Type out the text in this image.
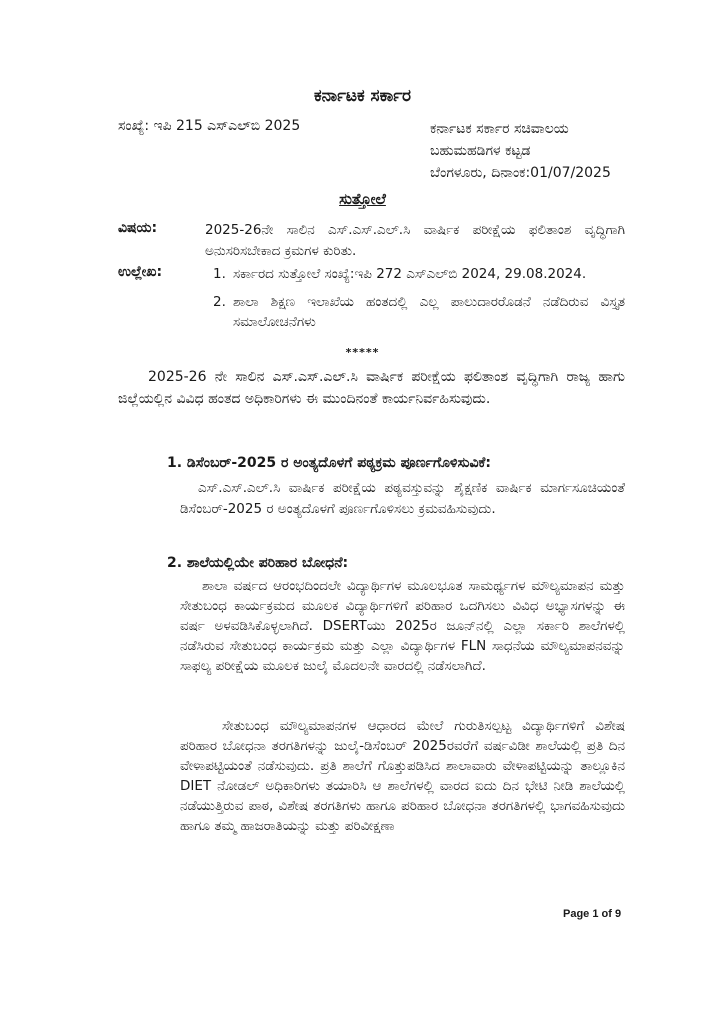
ಕರ್ನಾಟಕ ಸರ್ಕಾರ
ಸಂಖ್ಯೆ: ಇಪಿ 215 ಎಸ್‌ಎಲ್‌ಬಿ 2025	ಕರ್ನಾಟಕ ಸರ್ಕಾರ ಸಚಿವಾಲಯ
ಬಹುಮಹಡಿಗಳ ಕಟ್ಟಡ
ಬೆಂಗಳೂರು, ದಿನಾಂಕ:01/07/2025
ಸುತ್ತೋಲೆ
ವಿಷಯ:	2025-26ನೇ ಸಾಲಿನ ಎಸ್.ಎಸ್.ಎಲ್.ಸಿ ವಾರ್ಷಿಕ ಪರೀಕ್ಷೆಯ ಫಲಿತಾಂಶ ವೃದ್ಧಿಗಾಗಿ ಅನುಸರಿಸಬೇಕಾದ ಕ್ರಮಗಳ ಕುರಿತು.
ಉಲ್ಲೇಖ:	1. ಸರ್ಕಾರದ ಸುತ್ತೋಲೆ ಸಂಖ್ಯೆ:ಇಪಿ 272 ಎಸ್‌ಎಲ್‌ಬಿ 2024, 29.08.2024.
2. ಶಾಲಾ ಶಿಕ್ಷಣ ಇಲಾಖೆಯ ಹಂತದಲ್ಲಿ ಎಲ್ಲ ಪಾಲುದಾರರೊಡನೆ ನಡೆದಿರುವ ವಿಸ್ತೃತ ಸಮಾಲೋಚನೆಗಳು
*****
2025-26 ನೇ ಸಾಲಿನ ಎಸ್.ಎಸ್.ಎಲ್.ಸಿ ವಾರ್ಷಿಕ ಪರೀಕ್ಷೆಯ ಫಲಿತಾಂಶ ವೃದ್ಧಿಗಾಗಿ ರಾಜ್ಯ ಹಾಗು ಜಿಲ್ಲೆಯಲ್ಲಿನ ವಿವಿಧ ಹಂತದ ಅಧಿಕಾರಿಗಳು ಈ ಮುಂದಿನಂತೆ ಕಾರ್ಯನಿರ್ವಹಿಸುವುದು.
1. ಡಿಸೆಂಬರ್-2025 ರ ಅಂತ್ಯದೊಳಗೆ ಪಠ್ಯಕ್ರಮ ಪೂರ್ಣಗೊಳಿಸುವಿಕೆ:
ಎಸ್.ಎಸ್.ಎಲ್.ಸಿ ವಾರ್ಷಿಕ ಪರೀಕ್ಷೆಯ ಪಠ್ಯವಸ್ತುವನ್ನು ಶೈಕ್ಷಣಿಕ ವಾರ್ಷಿಕ ಮಾರ್ಗಸೂಚಿಯಂತೆ ಡಿಸೆಂಬರ್-2025 ರ ಅಂತ್ಯದೊಳಗೆ ಪೂರ್ಣಗೊಳಿಸಲು ಕ್ರಮವಹಿಸುವುದು.
2. ಶಾಲೆಯಲ್ಲಿಯೇ ಪರಿಹಾರ ಬೋಧನೆ:
ಶಾಲಾ ವರ್ಷದ ಆರಂಭದಿಂದಲೇ ವಿದ್ಯಾರ್ಥಿಗಳ ಮೂಲಭೂತ ಸಾಮರ್ಥ್ಯಗಳ ಮೌಲ್ಯಮಾಪನ ಮತ್ತು ಸೇತುಬಂಧ ಕಾರ್ಯಕ್ರಮದ ಮೂಲಕ ವಿದ್ಯಾರ್ಥಿಗಳಿಗೆ ಪರಿಹಾರ ಒದಗಿಸಲು ವಿವಿಧ ಅಭ್ಯಾಸಗಳನ್ನು ಈ ವರ್ಷ ಅಳವಡಿಸಿಕೊಳ್ಳಲಾಗಿದೆ. DSERTಯು 2025ರ ಜೂನ್‌ನಲ್ಲಿ ಎಲ್ಲಾ ಸರ್ಕಾರಿ ಶಾಲೆಗಳಲ್ಲಿ ನಡೆಸಿರುವ ಸೇತುಬಂಧ ಕಾರ್ಯಕ್ರಮ ಮತ್ತು ಎಲ್ಲಾ ವಿದ್ಯಾರ್ಥಿಗಳ FLN ಸಾಧನೆಯ ಮೌಲ್ಯಮಾಪನವನ್ನು ಸಾಫಲ್ಯ ಪರೀಕ್ಷೆಯ ಮೂಲಕ ಜುಲೈ ಮೊದಲನೇ ವಾರದಲ್ಲಿ ನಡೆಸಲಾಗಿದೆ.
ಸೇತುಬಂಧ ಮೌಲ್ಯಮಾಪನಗಳ ಆಧಾರದ ಮೇಲೆ ಗುರುತಿಸಲ್ಪಟ್ಟ ವಿದ್ಯಾರ್ಥಿಗಳಿಗೆ ವಿಶೇಷ ಪರಿಹಾರ ಬೋಧನಾ ತರಗತಿಗಳನ್ನು ಜುಲೈ-ಡಿಸೆಂಬರ್ 2025ರವರೆಗೆ ವರ್ಷವಿಡೀ ಶಾಲೆಯಲ್ಲಿ ಪ್ರತಿ ದಿನ ವೇಳಾಪಟ್ಟಿಯಂತೆ ನಡೆಸುವುದು. ಪ್ರತಿ ಶಾಲೆಗೆ ಗೊತ್ತುಪಡಿಸಿದ ಶಾಲಾವಾರು ವೇಳಾಪಟ್ಟಿಯನ್ನು ತಾಲ್ಲೂಕಿನ DIET ನೋಡಲ್ ಅಧಿಕಾರಿಗಳು ತಯಾರಿಸಿ ಆ ಶಾಲೆಗಳಲ್ಲಿ ವಾರದ ಐದು ದಿನ ಭೇಟಿ ನೀಡಿ ಶಾಲೆಯಲ್ಲಿ ನಡೆಯುತ್ತಿರುವ ಪಾಠ, ವಿಶೇಷ ತರಗತಿಗಳು ಹಾಗೂ ಪರಿಹಾರ ಬೋಧನಾ ತರಗತಿಗಳಲ್ಲಿ ಭಾಗವಹಿಸುವುದು ಹಾಗೂ ತಮ್ಮ ಹಾಜರಾತಿಯನ್ನು ಮತ್ತು ಪರಿವೀಕ್ಷಣಾ
Page 1 of 9
